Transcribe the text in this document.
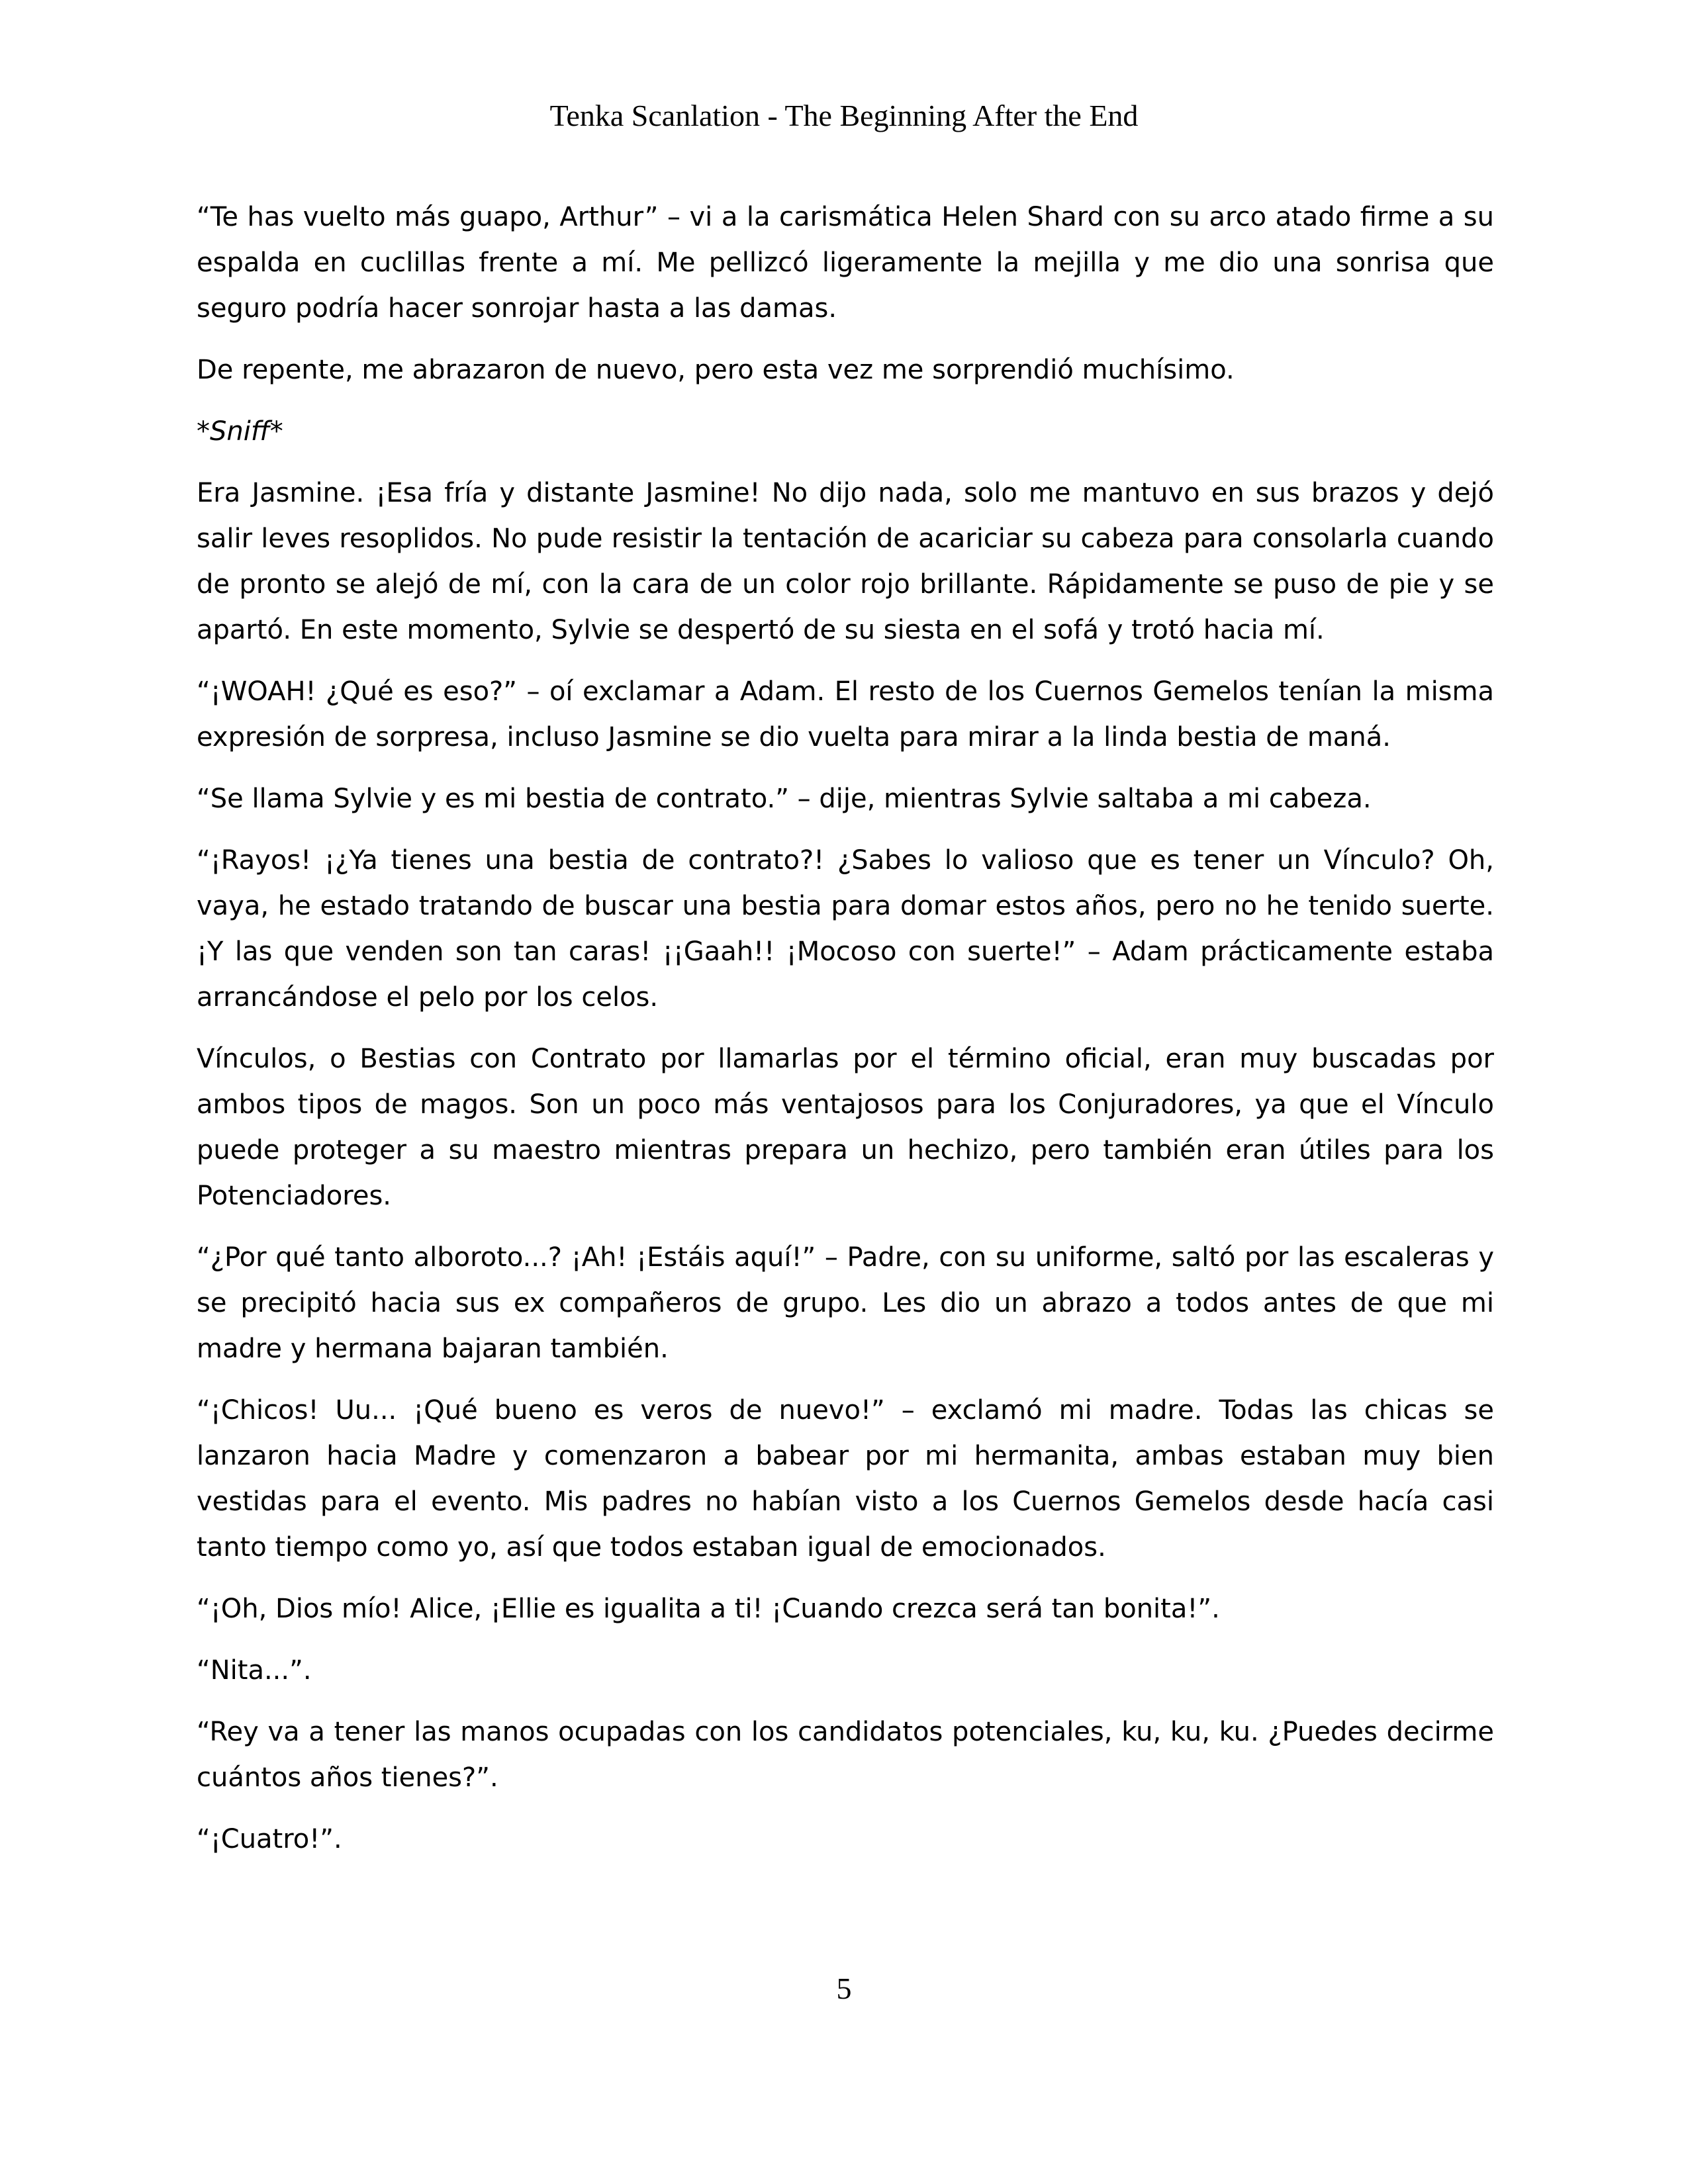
Tenka Scanlation - The Beginning After the End

“Te has vuelto más guapo, Arthur” – vi a la carismática Helen Shard con su arco atado firme a su espalda en cuclillas frente a mí. Me pellizcó ligeramente la mejilla y me dio una sonrisa que seguro podría hacer sonrojar hasta a las damas.

De repente, me abrazaron de nuevo, pero esta vez me sorprendió muchísimo.

*Sniff*

Era Jasmine. ¡Esa fría y distante Jasmine! No dijo nada, solo me mantuvo en sus brazos y dejó salir leves resoplidos. No pude resistir la tentación de acariciar su cabeza para consolarla cuando de pronto se alejó de mí, con la cara de un color rojo brillante. Rápidamente se puso de pie y se apartó. En este momento, Sylvie se despertó de su siesta en el sofá y trotó hacia mí.

“¡WOAH! ¿Qué es eso?” – oí exclamar a Adam. El resto de los Cuernos Gemelos tenían la misma expresión de sorpresa, incluso Jasmine se dio vuelta para mirar a la linda bestia de maná.

“Se llama Sylvie y es mi bestia de contrato.” – dije, mientras Sylvie saltaba a mi cabeza.

“¡Rayos! ¡¿Ya tienes una bestia de contrato?! ¿Sabes lo valioso que es tener un Vínculo? Oh, vaya, he estado tratando de buscar una bestia para domar estos años, pero no he tenido suerte. ¡Y las que venden son tan caras! ¡¡Gaah!! ¡Mocoso con suerte!” – Adam prácticamente estaba arrancándose el pelo por los celos.

Vínculos, o Bestias con Contrato por llamarlas por el término oficial, eran muy buscadas por ambos tipos de magos. Son un poco más ventajosos para los Conjuradores, ya que el Vínculo puede proteger a su maestro mientras prepara un hechizo, pero también eran útiles para los Potenciadores.

“¿Por qué tanto alboroto...? ¡Ah! ¡Estáis aquí!” – Padre, con su uniforme, saltó por las escaleras y se precipitó hacia sus ex compañeros de grupo. Les dio un abrazo a todos antes de que mi madre y hermana bajaran también.

“¡Chicos! Uu... ¡Qué bueno es veros de nuevo!” – exclamó mi madre. Todas las chicas se lanzaron hacia Madre y comenzaron a babear por mi hermanita, ambas estaban muy bien vestidas para el evento. Mis padres no habían visto a los Cuernos Gemelos desde hacía casi tanto tiempo como yo, así que todos estaban igual de emocionados.

“¡Oh, Dios mío! Alice, ¡Ellie es igualita a ti! ¡Cuando crezca será tan bonita!”.

“Nita...”.

“Rey va a tener las manos ocupadas con los candidatos potenciales, ku, ku, ku. ¿Puedes decirme cuántos años tienes?”.

“¡Cuatro!”.

5
